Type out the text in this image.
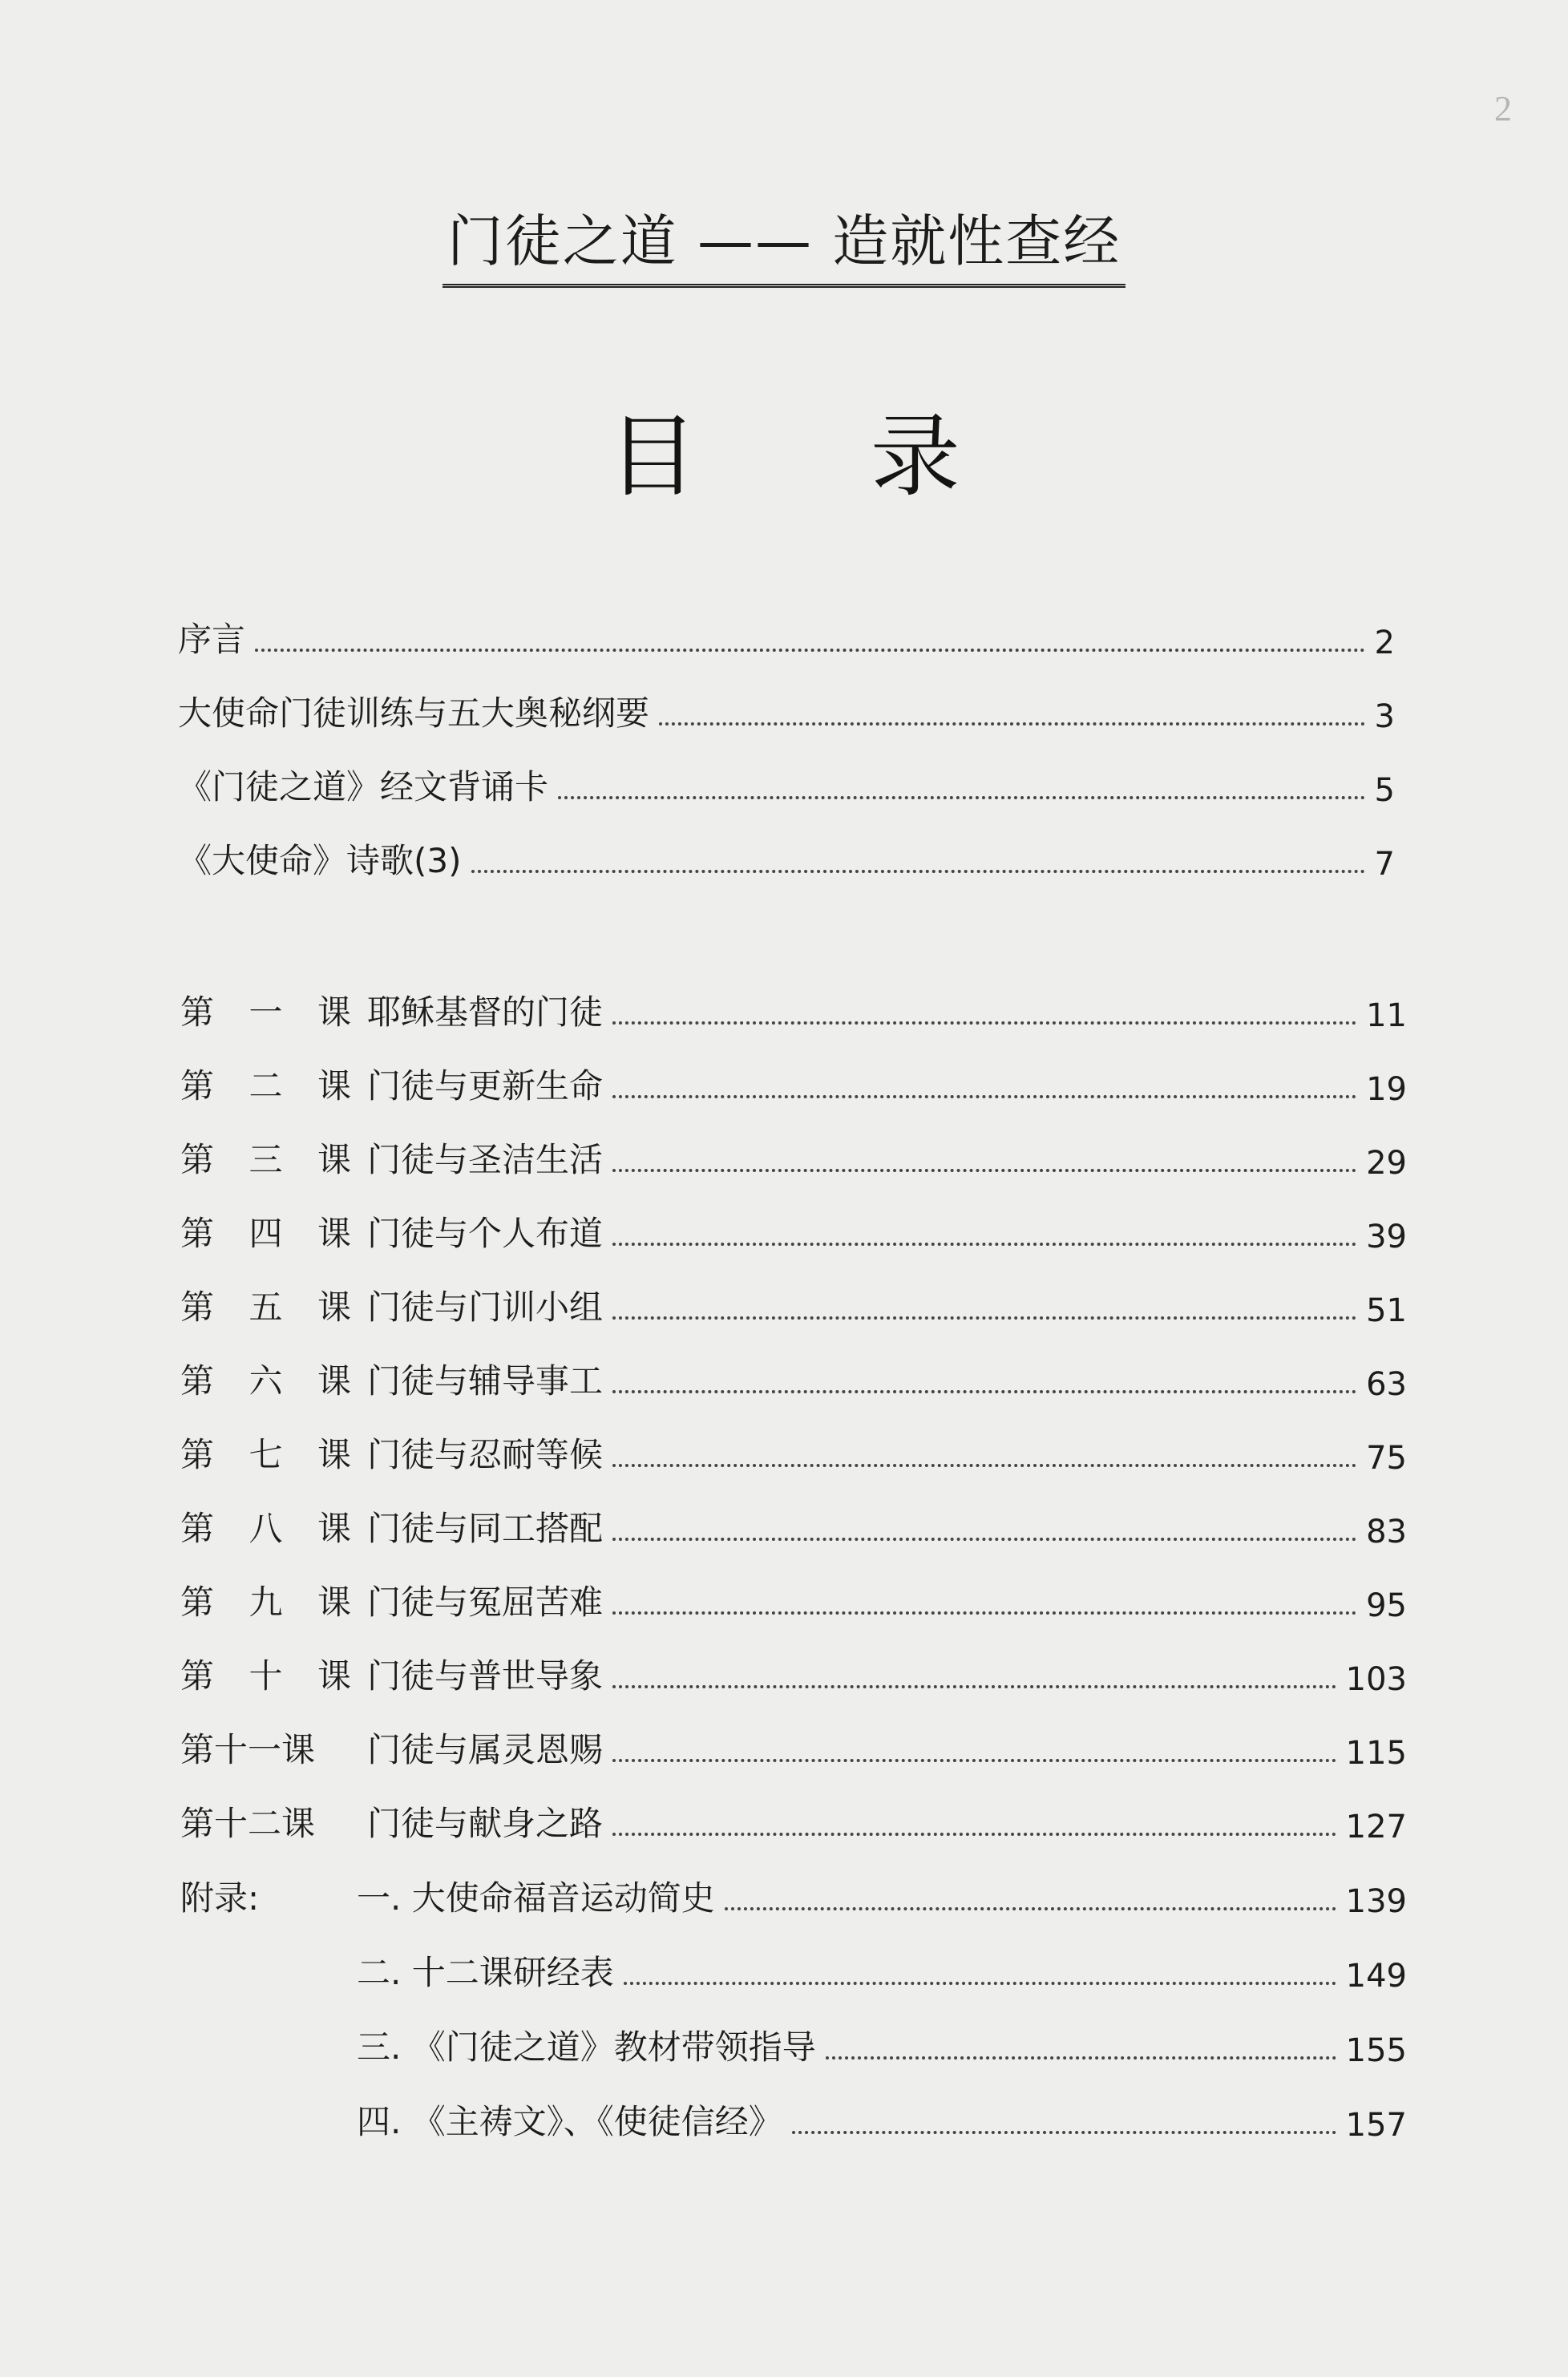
2
门徒之道 —— 造就性查经
目 录
序言	2
大使命门徒训练与五大奥秘纲要	3
《门徒之道》经文背诵卡	5
《大使命》诗歌(3)	7
第 一 课 耶稣基督的门徒	11
第 二 课 门徒与更新生命	19
第 三 课 门徒与圣洁生活	29
第 四 课 门徒与个人布道	39
第 五 课 门徒与门训小组	51
第 六 课 门徒与辅导事工	63
第 七 课 门徒与忍耐等候	75
第 八 课 门徒与同工搭配	83
第 九 课 门徒与冤屈苦难	95
第 十 课 门徒与普世导象	103
第十一课 门徒与属灵恩赐	115
第十二课 门徒与献身之路	127
附录:	一. 大使命福音运动简史	139
二. 十二课研经表	149
三. 《门徒之道》教材带领指导	155
四. 《主祷文》、《使徒信经》	157
